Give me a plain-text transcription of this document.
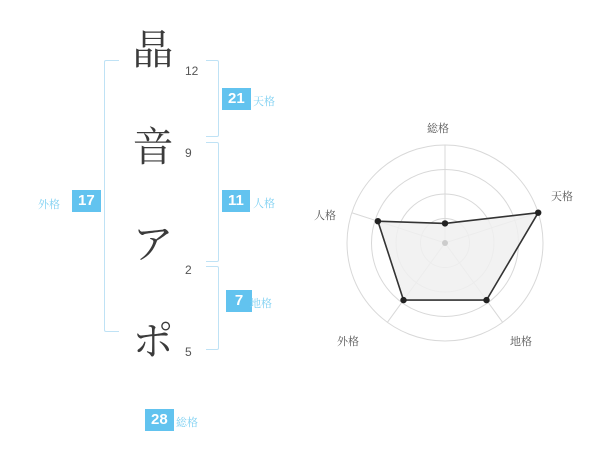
晶
音
ア
ポ
12
9
2
5
21 天格
11 人格
7 地格
外格	17
28 総格
総格
天格
地格
外格
人格
